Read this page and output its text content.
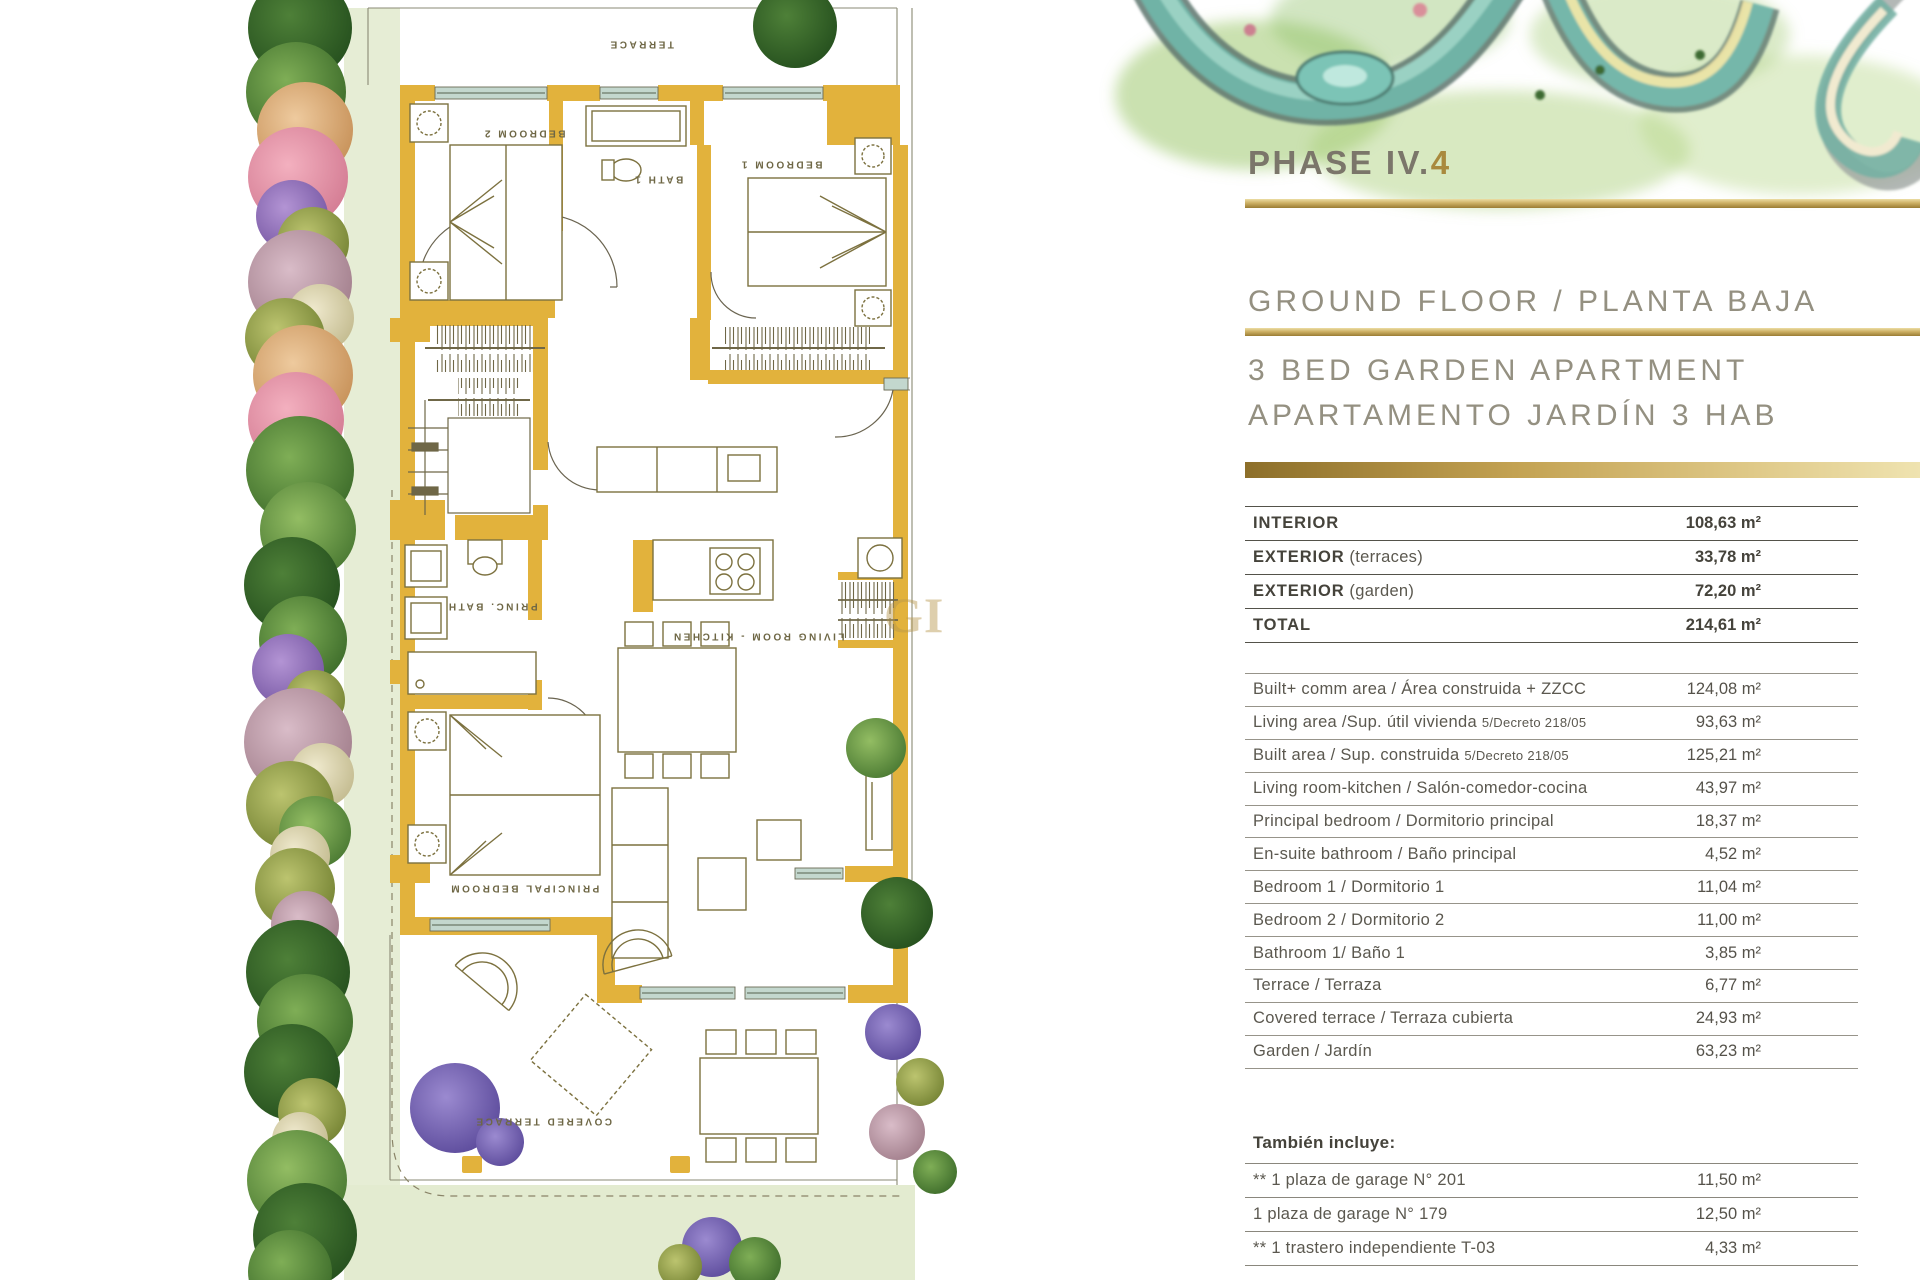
TERRACE
BEDROOM 2
BATH 1
BEDROOM 1
PRINC. BATH
LIVING ROOM - KITCHEN
PRINCIPAL BEDROOM
COVERED TERRACE
GI
PHASE IV.4
GROUND FLOOR / PLANTA BAJA
3 BED GARDEN APARTMENT
APARTAMENTO JARDÍN 3 HAB
INTERIOR	108,63 m²
EXTERIOR (terraces)	33,78 m²
EXTERIOR (garden)	72,20 m²
TOTAL	214,61 m²
Built+ comm area / Área construida + ZZCC	124,08 m²
Living area /Sup. útil vivienda 5/Decreto 218/05	93,63 m²
Built area / Sup. construida 5/Decreto 218/05	125,21 m²
Living room-kitchen / Salón-comedor-cocina	43,97 m²
Principal bedroom / Dormitorio principal	18,37 m²
En-suite bathroom / Baño principal	4,52 m²
Bedroom 1 / Dormitorio 1	11,04 m²
Bedroom 2 / Dormitorio 2	11,00 m²
Bathroom 1/ Baño 1	3,85 m²
Terrace / Terraza	6,77 m²
Covered terrace / Terraza cubierta	24,93 m²
Garden / Jardín	63,23 m²
También incluye:
** 1 plaza de garage N° 201	11,50 m²
1 plaza de garage N° 179	12,50 m²
** 1 trastero independiente T-03	4,33 m²
